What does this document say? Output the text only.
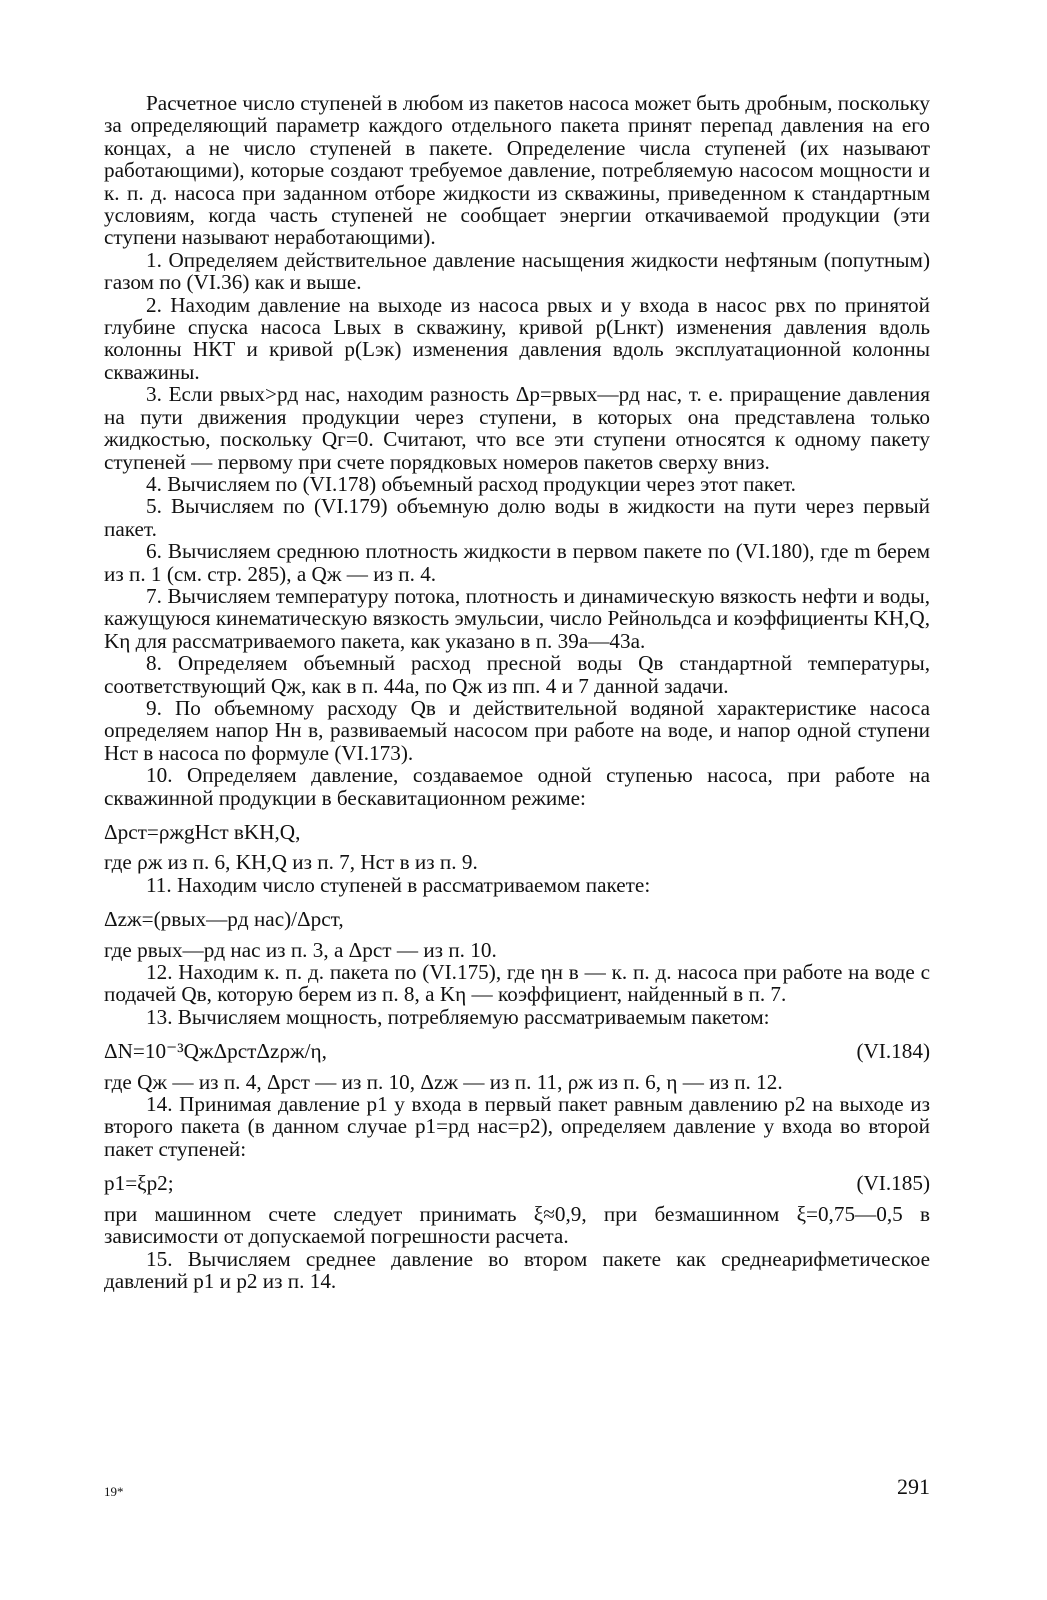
Расчетное число ступеней в любом из пакетов насоса может быть дробным, поскольку за определяющий параметр каждого отдельного пакета принят перепад давления на его концах, а не число ступеней в пакете. Определение числа ступеней (их называют работающими), которые создают требуемое давление, потребляемую насосом мощности и к. п. д. насоса при заданном отборе жидкости из скважины, приведенном к стандартным условиям, когда часть ступеней не сообщает энергии откачиваемой продукции (эти ступени называют неработающими).

1. Определяем действительное давление насыщения жидкости нефтяным (попутным) газом по (VI.36) как и выше.

2. Находим давление на выходе из насоса pвых и у входа в насос pвх по принятой глубине спуска насоса Lвых в скважину, кривой p(Lнкт) изменения давления вдоль колонны НКТ и кривой p(Lэк) изменения давления вдоль эксплуатационной колонны скважины.

3. Если pвых>pд нас, находим разность Δp=pвых—pд нас, т. е. приращение давления на пути движения продукции через ступени, в которых она представлена только жидкостью, поскольку Qг=0. Считают, что все эти ступени относятся к одному пакету ступеней — первому при счете порядковых номеров пакетов сверху вниз.

4. Вычисляем по (VI.178) объемный расход продукции через этот пакет.

5. Вычисляем по (VI.179) объемную долю воды в жидкости на пути через первый пакет.

6. Вычисляем среднюю плотность жидкости в первом пакете по (VI.180), где m берем из п. 1 (см. стр. 285), а Qж — из п. 4.

7. Вычисляем температуру потока, плотность и динамическую вязкость нефти и воды, кажущуюся кинематическую вязкость эмульсии, число Рейнольдса и коэффициенты KН,Q, Kη для рассматриваемого пакета, как указано в п. 39а—43а.

8. Определяем объемный расход пресной воды Qв стандартной температуры, соответствующий Qж, как в п. 44а, по Qж из пп. 4 и 7 данной задачи.

9. По объемному расходу Qв и действительной водяной характеристике насоса определяем напор Hн в, развиваемый насосом при работе на воде, и напор одной ступени Hст в насоса по формуле (VI.173).

10. Определяем давление, создаваемое одной ступенью насоса, при работе на скважинной продукции в бескавитационном режиме:

Δpст=ρжgHст вKН,Q,

где ρж из п. 6, KН,Q из п. 7, Hст в из п. 9.

11. Находим число ступеней в рассматриваемом пакете:

Δzж=(pвых—pд нас)/Δpст,

где pвых—pд нас из п. 3, а Δpст — из п. 10.

12. Находим к. п. д. пакета по (VI.175), где ηн в — к. п. д. насоса при работе на воде с подачей Qв, которую берем из п. 8, а Kη — коэффициент, найденный в п. 7.

13. Вычисляем мощность, потребляемую рассматриваемым пакетом:

ΔN=10⁻³QжΔpстΔzρж/η,	(VI.184)

где Qж — из п. 4, Δpст — из п. 10, Δzж — из п. 11, ρж из п. 6, η — из п. 12.

14. Принимая давление p1 у входа в первый пакет равным давлению p2 на выходе из второго пакета (в данном случае p1=pд нас=p2), определяем давление у входа во второй пакет ступеней:

p1=ξp2;	(VI.185)

при машинном счете следует принимать ξ≈0,9, при безмашинном ξ=0,75—0,5 в зависимости от допускаемой погрешности расчета.

15. Вычисляем среднее давление во втором пакете как среднеарифметическое давлений p1 и p2 из п. 14.

19*	291
